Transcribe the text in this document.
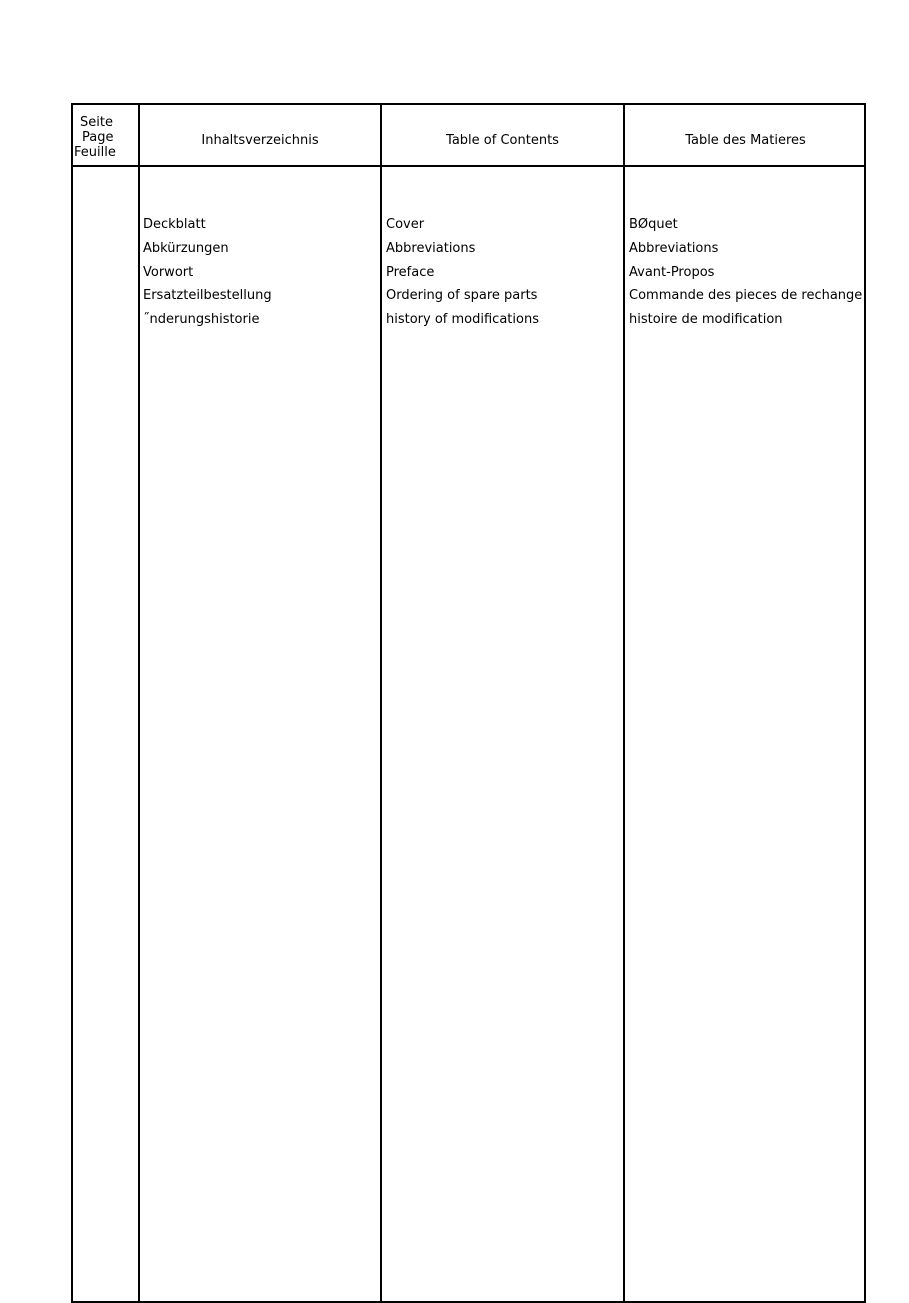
Seite
Page
Feuille
Inhaltsverzeichnis	Table of Contents	Table des Matieres
Deckblatt
Abkürzungen
Vorwort
Ersatzteilbestellung
˝nderungshistorie
Cover
Abbreviations
Preface
Ordering of spare parts
history of modifications
BØquet
Abbreviations
Avant-Propos
Commande des pieces de rechange
histoire de modification
